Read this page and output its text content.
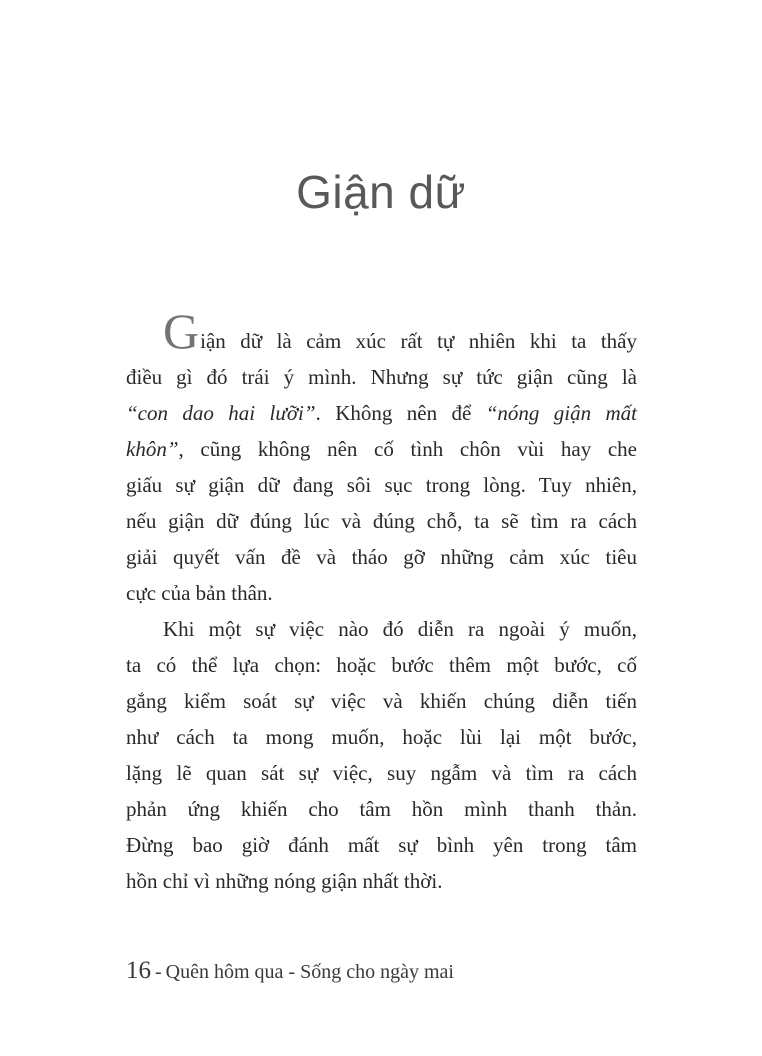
Giận dữ
Giận dữ là cảm xúc rất tự nhiên khi ta thấy
điều gì đó trái ý mình. Nhưng sự tức giận cũng là
“con dao hai lưỡi”. Không nên để “nóng giận mất
khôn”, cũng không nên cố tình chôn vùi hay che
giấu sự giận dữ đang sôi sục trong lòng. Tuy nhiên,
nếu giận dữ đúng lúc và đúng chỗ, ta sẽ tìm ra cách
giải quyết vấn đề và tháo gỡ những cảm xúc tiêu
cực của bản thân.
Khi một sự việc nào đó diễn ra ngoài ý muốn,
ta có thể lựa chọn: hoặc bước thêm một bước, cố
gắng kiểm soát sự việc và khiến chúng diễn tiến
như cách ta mong muốn, hoặc lùi lại một bước,
lặng lẽ quan sát sự việc, suy ngẫm và tìm ra cách
phản ứng khiến cho tâm hồn mình thanh thản.
Đừng bao giờ đánh mất sự bình yên trong tâm
hồn chỉ vì những nóng giận nhất thời.
16 - Quên hôm qua - Sống cho ngày mai
